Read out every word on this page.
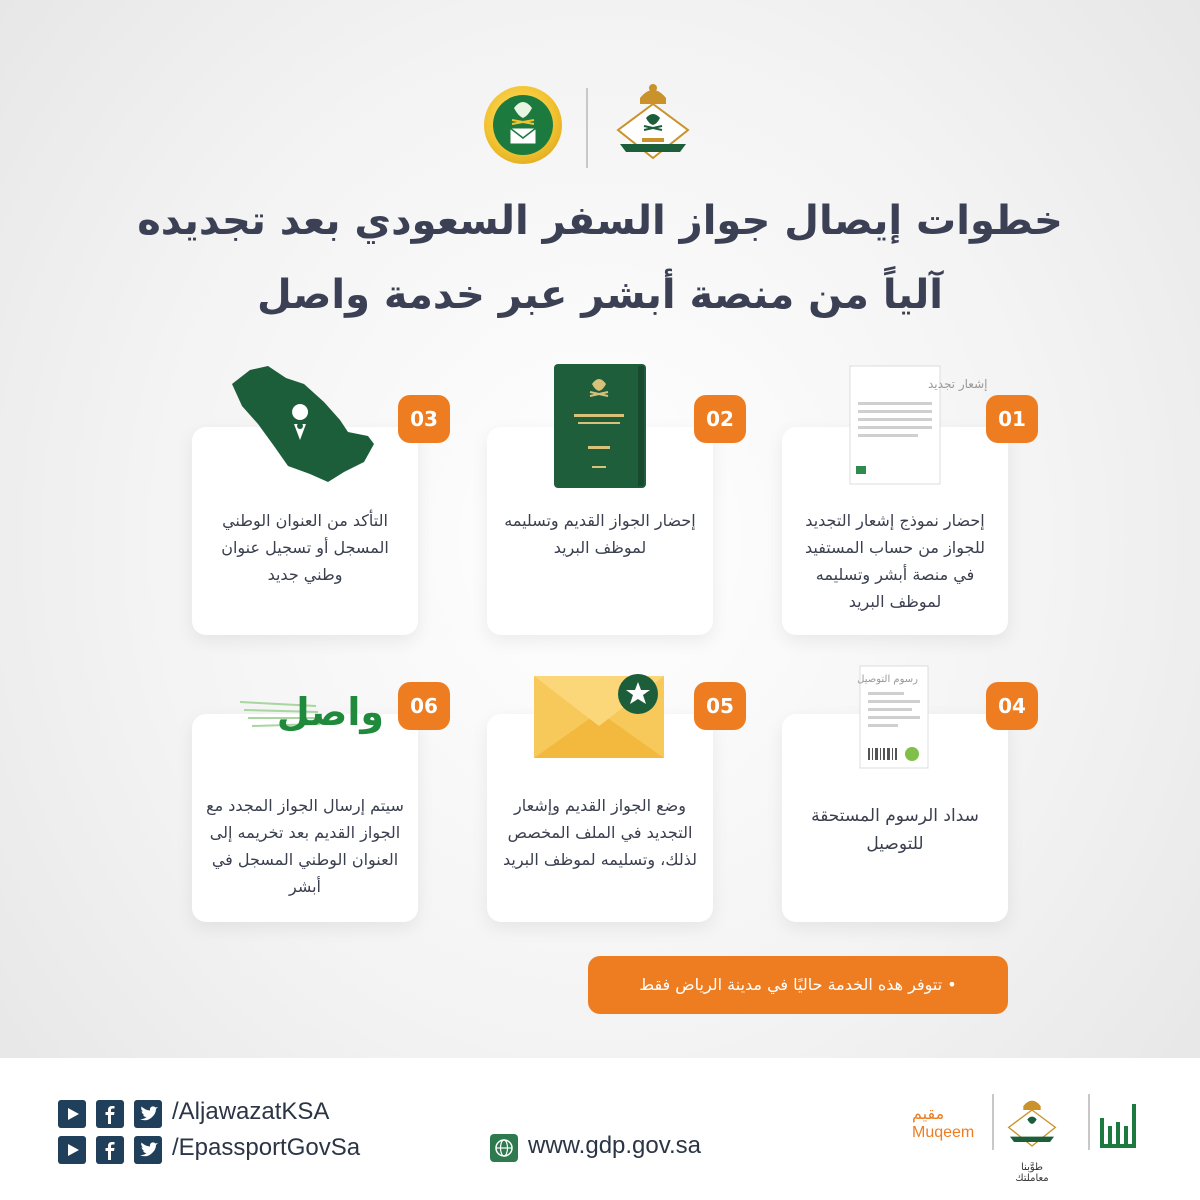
خطوات إيصال جواز السفر السعودي بعد تجديده
آلياً من منصة أبشر عبر خدمة واصل
إحضار نموذج إشعار التجديد للجواز من حساب المستفيد في منصة أبشر وتسليمه لموظف البريد
إشعار تجديد
01
إحضار الجواز القديم وتسليمه لموظف البريد
02
التأكد من العنوان الوطني المسجل أو تسجيل عنوان وطني جديد
03
سداد الرسوم المستحقة للتوصيل
رسوم التوصيل
04
وضع الجواز القديم وإشعار التجديد في الملف المخصص لذلك، وتسليمه لموظف البريد
05
سيتم إرسال الجواز المجدد مع الجواز القديم بعد تخريمه إلى العنوان الوطني المسجل في أبشر
واصل	06
• تتوفر هذه الخدمة حاليًا في مدينة الرياض فقط
/AljawazatKSA
/EpassportGovSa	www.gdp.gov.sa
مقيم
Muqeem
طوَّبنا معاملتك
